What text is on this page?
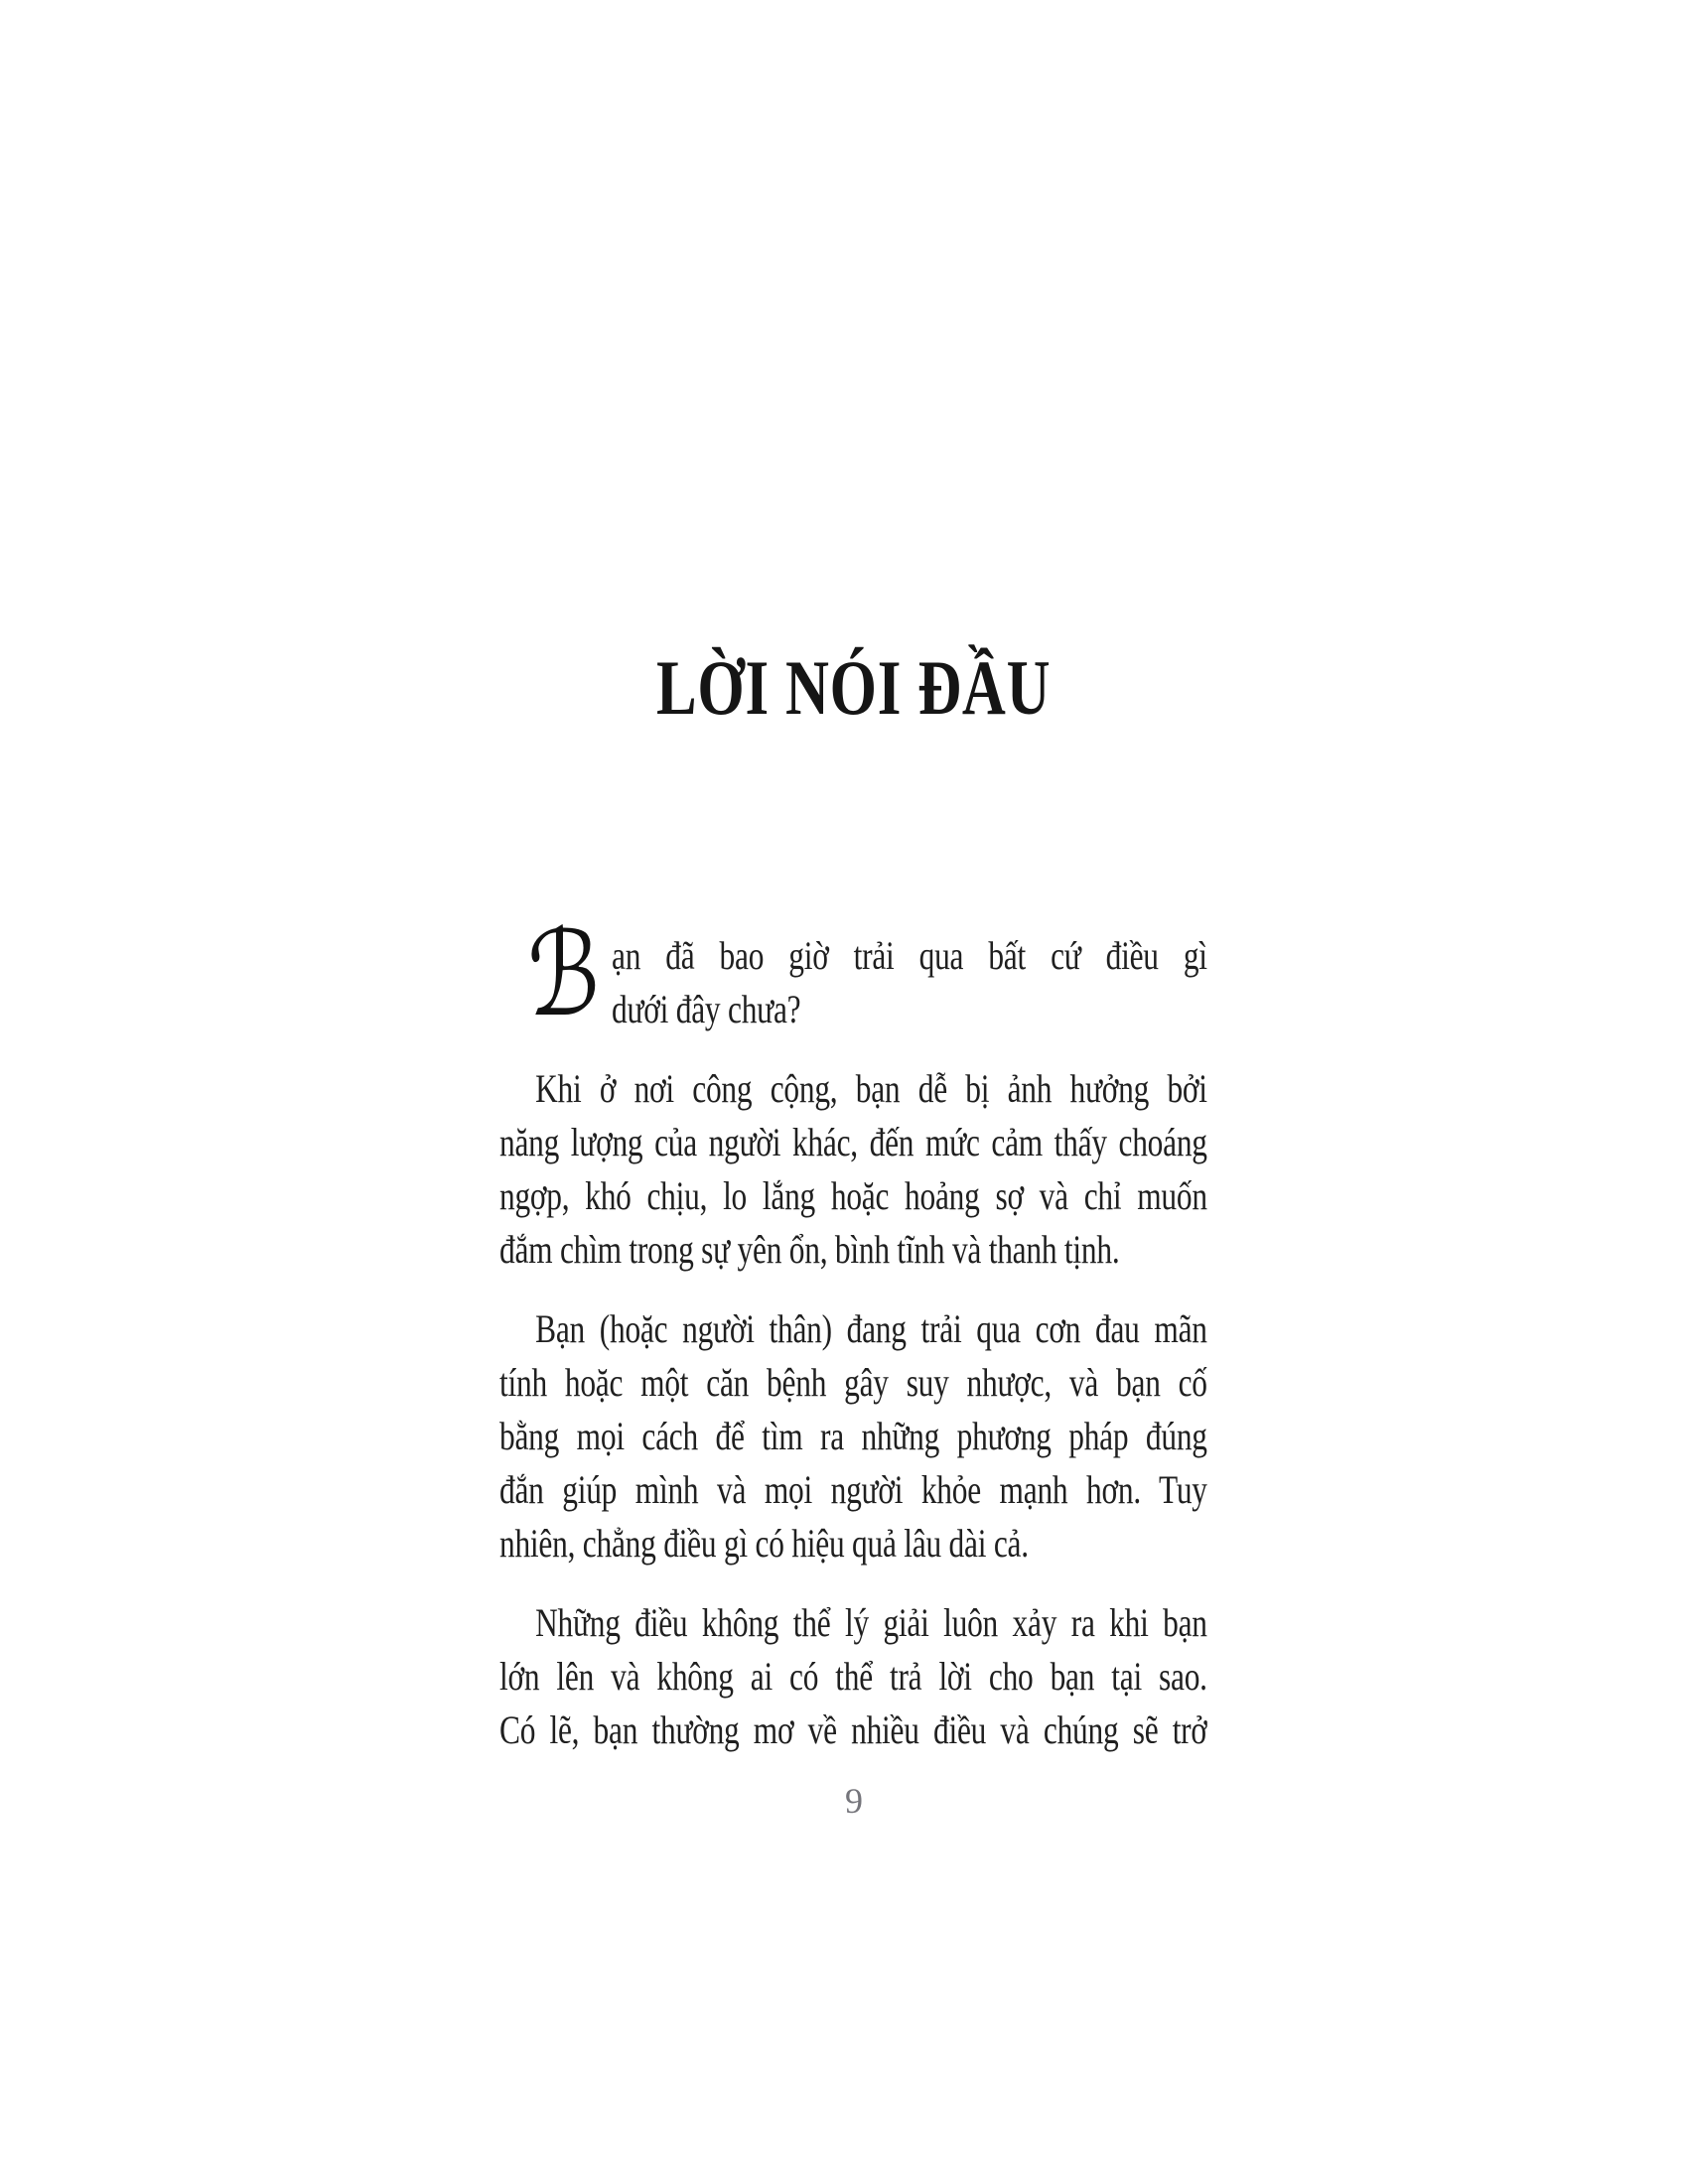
LỜI NÓI ĐẦU
ℬ ạn đã bao giờ trải qua bất cứ điều gì
dưới đây chưa?
Khi ở nơi công cộng, bạn dễ bị ảnh hưởng bởi
năng lượng của người khác, đến mức cảm thấy choáng
ngợp, khó chịu, lo lắng hoặc hoảng sợ và chỉ muốn
đắm chìm trong sự yên ổn, bình tĩnh và thanh tịnh.
Bạn (hoặc người thân) đang trải qua cơn đau mãn
tính hoặc một căn bệnh gây suy nhược, và bạn cố
bằng mọi cách để tìm ra những phương pháp đúng
đắn giúp mình và mọi người khỏe mạnh hơn. Tuy
nhiên, chẳng điều gì có hiệu quả lâu dài cả.
Những điều không thể lý giải luôn xảy ra khi bạn
lớn lên và không ai có thể trả lời cho bạn tại sao.
Có lẽ, bạn thường mơ về nhiều điều và chúng sẽ trở
9
